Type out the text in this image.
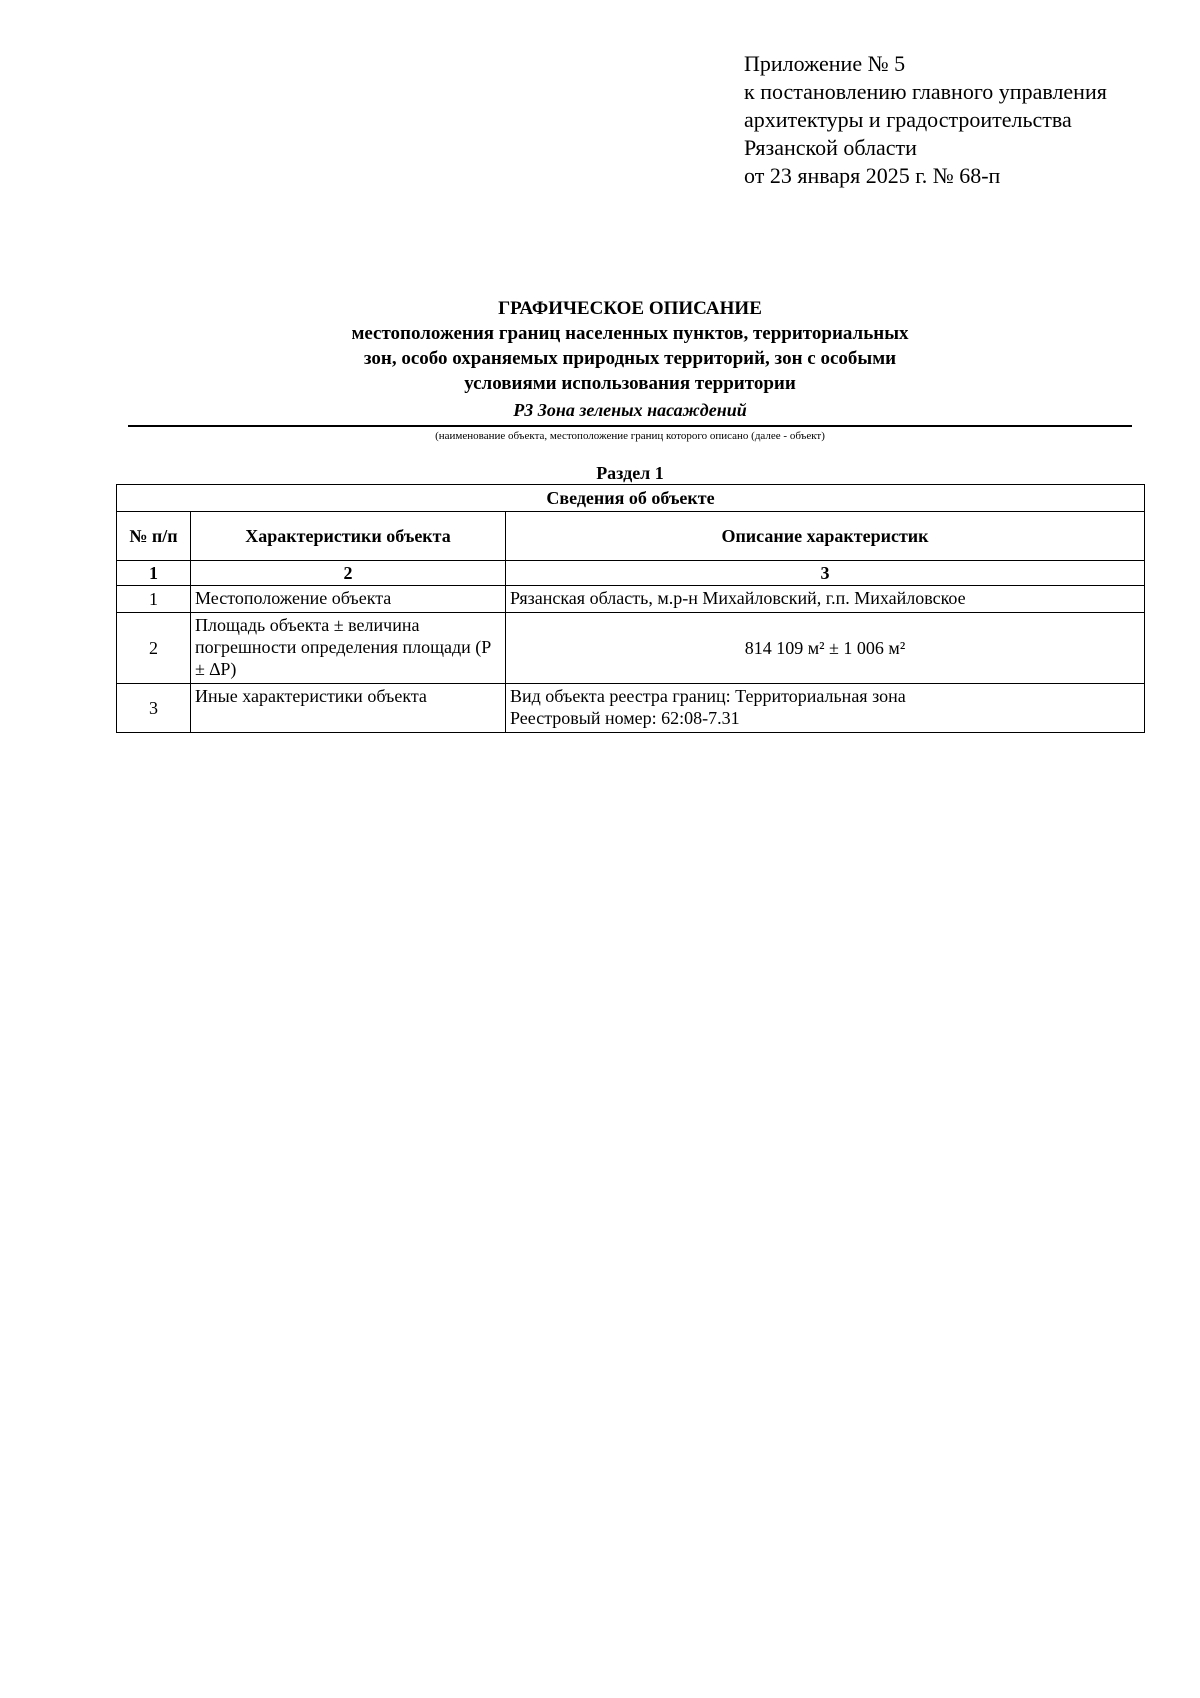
Приложение № 5
к постановлению главного управления
архитектуры и градостроительства
Рязанской области
от 23 января 2025 г. № 68-п
ГРАФИЧЕСКОЕ ОПИСАНИЕ
местоположения границ населенных пунктов, территориальных
зон, особо охраняемых природных территорий, зон с особыми
условиями использования территории
Р3 Зона зеленых насаждений
(наименование объекта, местоположение границ которого описано (далее - объект)
Раздел 1
Сведения об объекте		
№ п/п	Характеристики объекта	Описание характеристик
1	2	3
1	Местоположение объекта	Рязанская область, м.р-н Михайловский, г.п. Михайловское

2	Площадь объекта ± величина погрешности определения площади (Р ± ∆Р)	814 109 м² ± 1 006 м²

3	Иные характеристики объекта	Вид объекта реестра границ: Территориальная зона
Реестровый номер: 62:08-7.31
